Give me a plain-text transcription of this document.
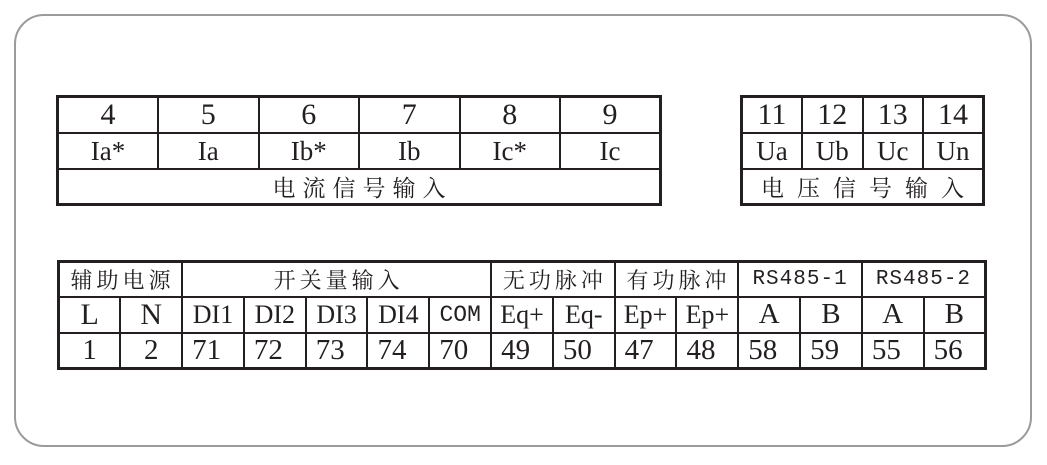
4	5	6	7	8	9
Ia*	Ia	Ib*	Ib	Ic*	Ic
电流信号输入					
11	12	13	14
Ua	Ub	Uc	Un
电压信号输入			
辅助电源		开关量输入					无功脉冲		有功脉冲		RS485-1		RS485-2	
L	N	DI1	DI2	DI3	DI4	COM	Eq+	Eq-	Ep+	Ep+	A	B	A	B
1	2	71	72	73	74	70	49	50	47	48	58	59	55	56
